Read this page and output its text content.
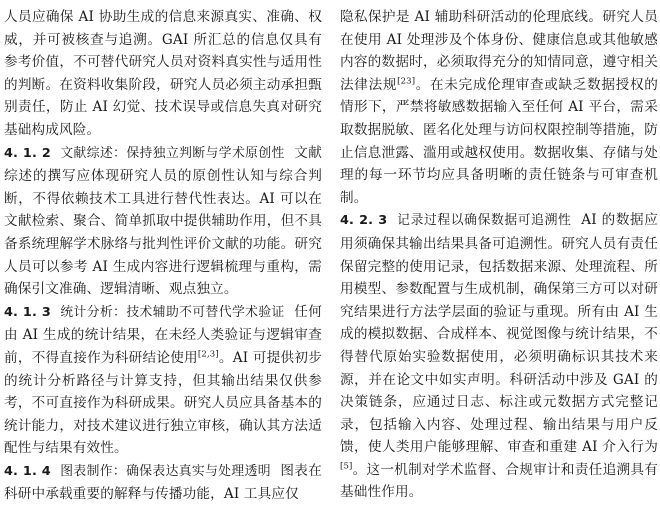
人员应确保 AI 协助生成的信息来源真实、准确、权威，并可被核查与追溯。GAI 所汇总的信息仅具有参考价值，不可替代研究人员对资料真实性与适用性的判断。在资料收集阶段，研究人员必须主动承担甄别责任，防止 AI 幻觉、技术误导或信息失真对研究基础构成风险。

4. 1. 2 文献综述：保持独立判断与学术原创性 文献综述的撰写应体现研究人员的原创性认知与综合判断，不得依赖技术工具进行替代性表达。AI 可以在文献检索、聚合、简单抓取中提供辅助作用，但不具备系统理解学术脉络与批判性评价文献的功能。研究人员可以参考 AI 生成内容进行逻辑梳理与重构，需确保引文准确、逻辑清晰、观点独立。

4. 1. 3 统计分析：技术辅助不可替代学术验证 任何由 AI 生成的统计结果，在未经人类验证与逻辑审查前，不得直接作为科研结论使用[2,3]。AI 可提供初步的统计分析路径与计算支持，但其输出结果仅供参考，不可直接作为科研成果。研究人员应具备基本的统计能力，对技术建议进行独立审核，确认其方法适配性与结果有效性。

4. 1. 4 图表制作：确保表达真实与处理透明 图表在科研中承载重要的解释与传播功能，AI 工具应仅

隐私保护是 AI 辅助科研活动的伦理底线。研究人员在使用 AI 处理涉及个体身份、健康信息或其他敏感内容的数据时，必须取得充分的知情同意，遵守相关法律法规[23]。在未完成伦理审查或缺乏数据授权的情形下，严禁将敏感数据输入至任何 AI 平台，需采取数据脱敏、匿名化处理与访问权限控制等措施，防止信息泄露、滥用或越权使用。数据收集、存储与处理的每一环节均应具备明晰的责任链条与可审查机制。

4. 2. 3 记录过程以确保数据可追溯性 AI 的数据应用须确保其输出结果具备可追溯性。研究人员有责任保留完整的使用记录，包括数据来源、处理流程、所用模型、参数配置与生成机制，确保第三方可以对研究结果进行方法学层面的验证与重现。所有由 AI 生成的模拟数据、合成样本、视觉图像与统计结果，不得替代原始实验数据使用，必须明确标识其技术来源，并在论文中如实声明。科研活动中涉及 GAI 的决策链条，应通过日志、标注或元数据方式完整记录，包括输入内容、处理过程、输出结果与用户反馈，使人类用户能够理解、审查和重建 AI 介入行为[5]。这一机制对学术监督、合规审计和责任追溯具有基础性作用。
